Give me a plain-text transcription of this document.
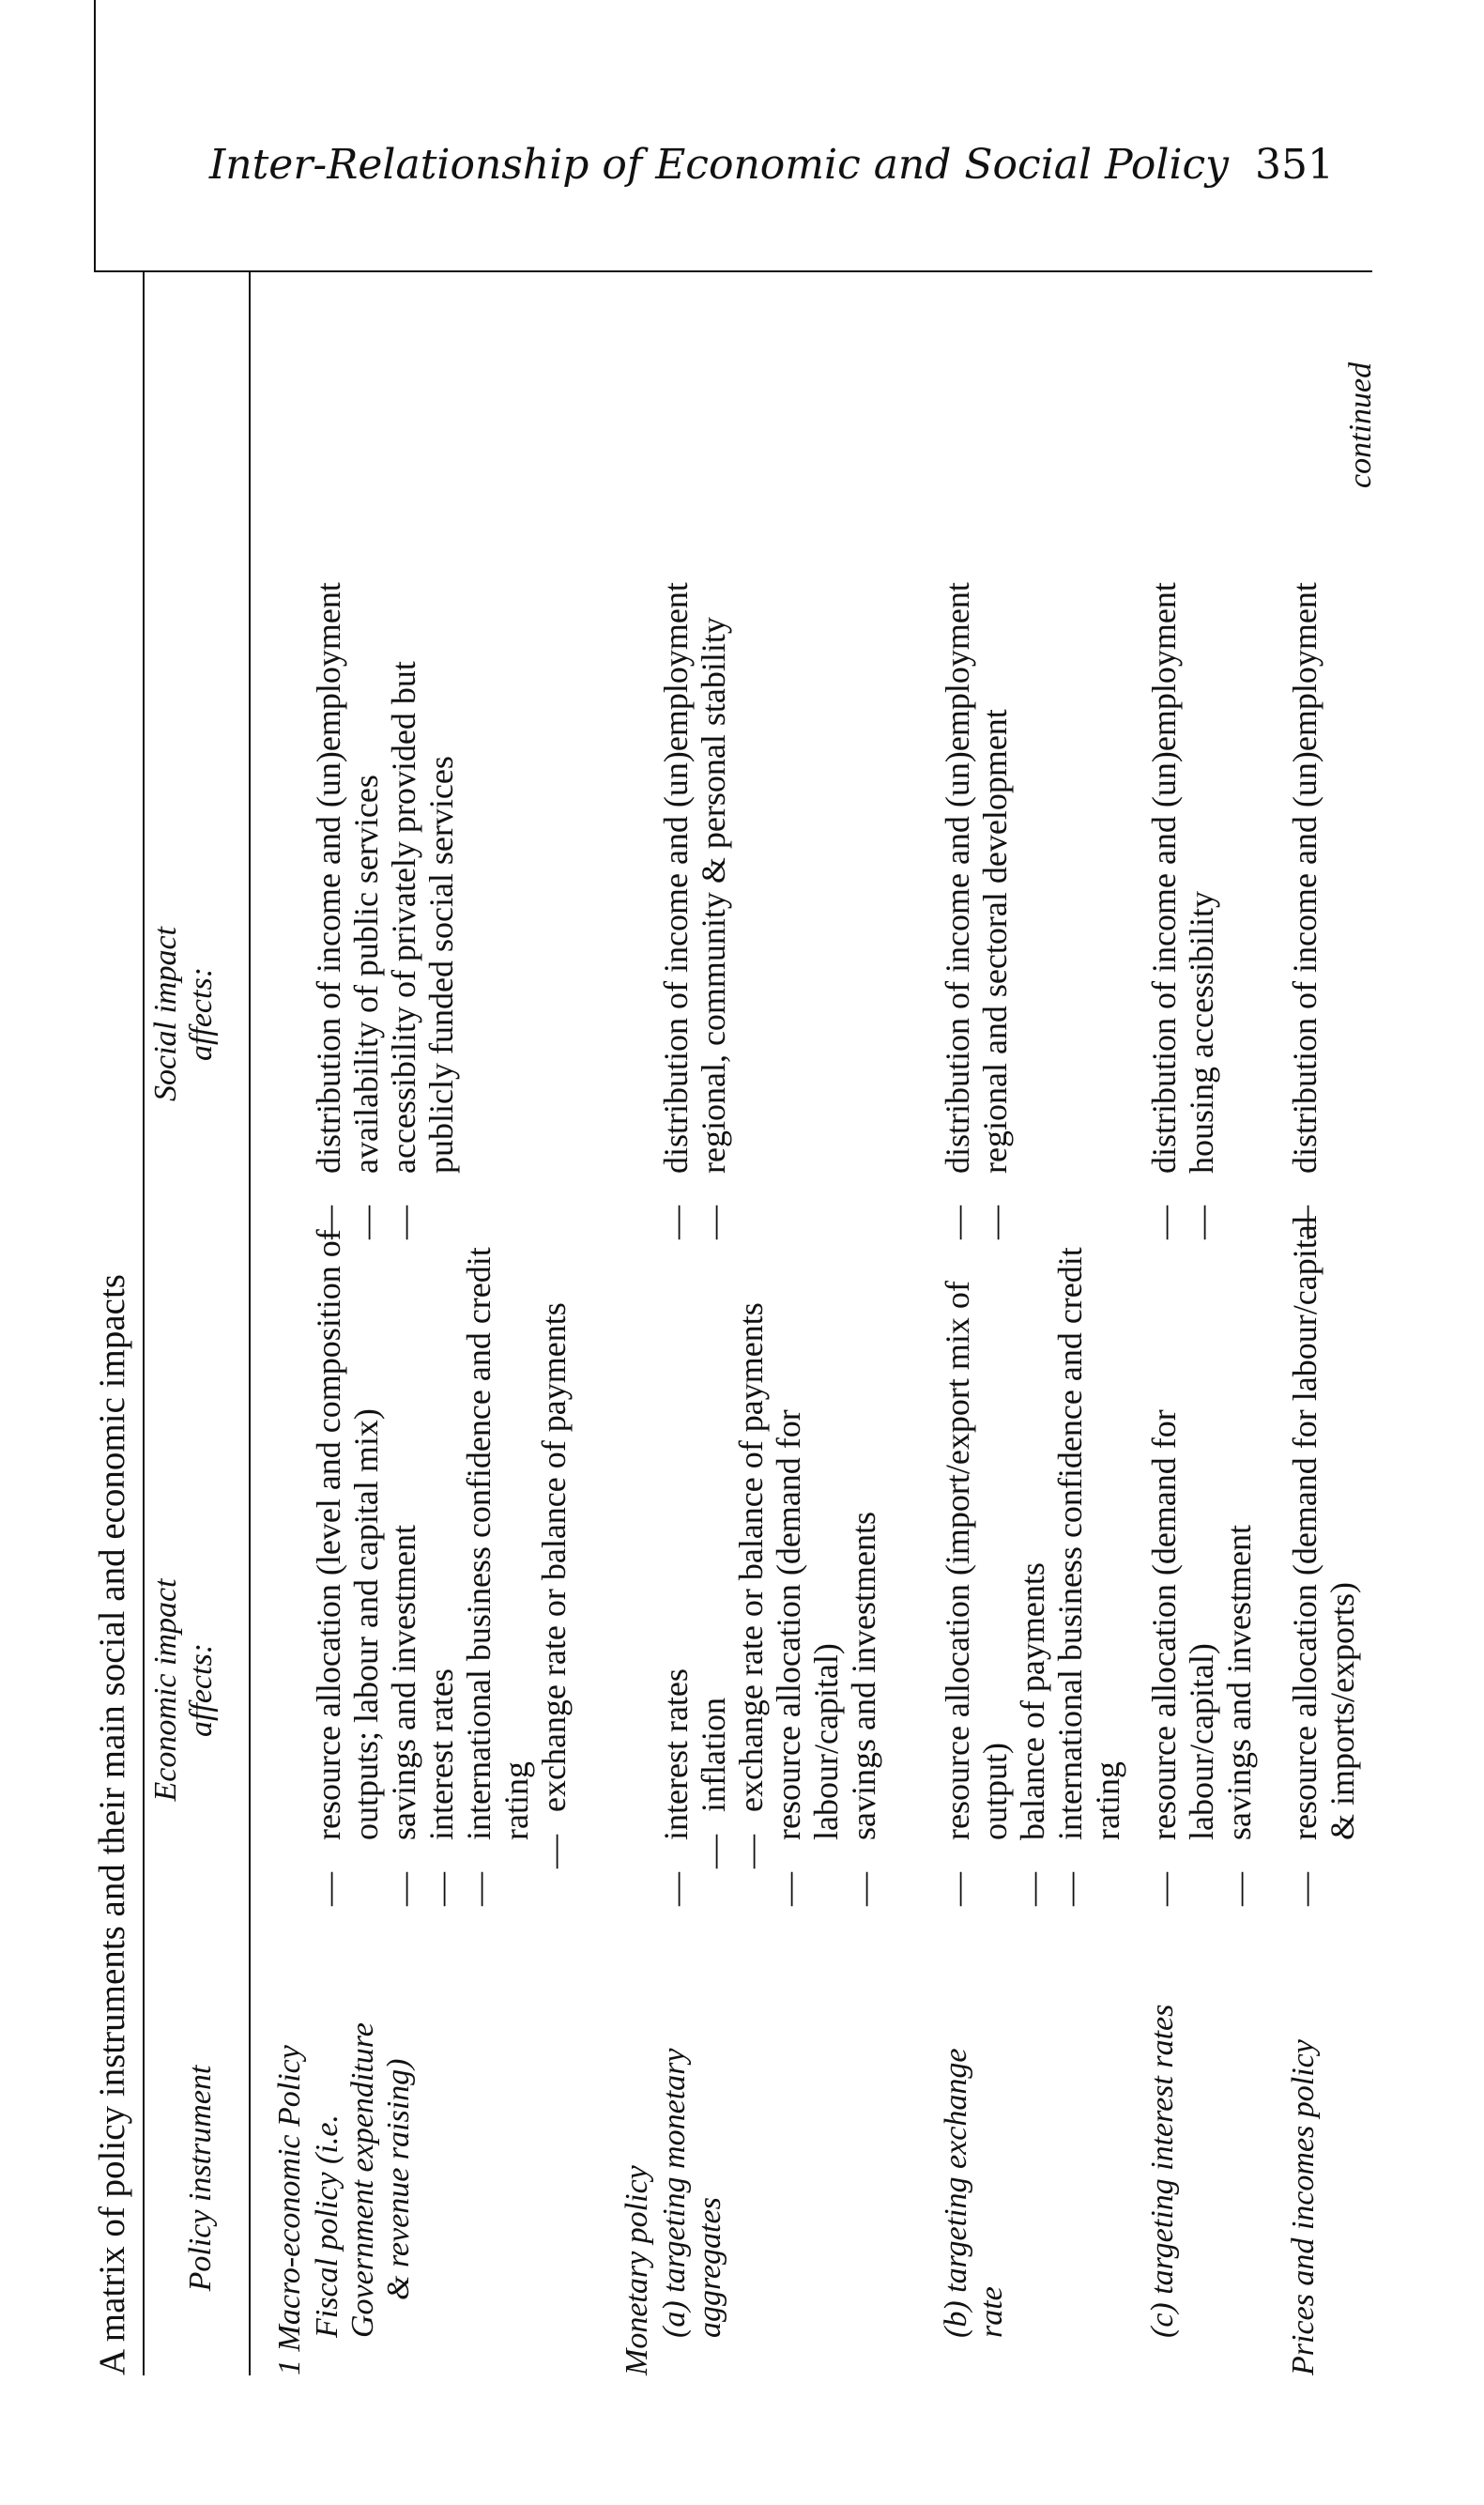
Inter-Relationship of Economic and Social Policy 351
A matrix of policy instruments and their main social and economic impacts Policy instrument
Economic impact affects:
Social impact affects:
1 Macro-economic Policy Fiscal policy (i.e. Government expenditure & revenue raising)
— resource allocation (level and composition of outputs; labour and capital mix) — savings and investment — interest rates — international business confidence and credit rating — exchange rate or balance of payments
— distribution of income and (un)employment — availability of public services — accessibility of privately provided but publicly funded social services
Monetary policy (a) targeting monetary aggregates
— interest rates — inflation — exchange rate or balance of payments — resource allocation (demand for labour/capital) — savings and investments
— distribution of income and (un)employment — regional, community & personal stability
(b) targeting exchange rate
— resource allocation (import/export mix of output) — balance of payments — international business confidence and credit rating
— distribution of income and (un)employment — regional and sectoral development
(c) targeting interest rates
— resource allocation (demand for labour/capital) — savings and investment
— distribution of income and (un)employment — housing accessibility
Prices and incomes policy
— resource allocation (demand for labour/capital & imports/exports)
— distribution of income and (un)employment
continued
